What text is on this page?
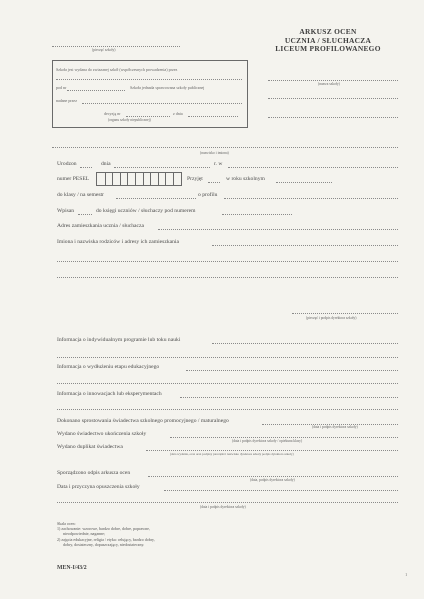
(pieczęć szkoły)
ARKUSZ OCEN
UCZNIA / SŁUCHACZA
LICEUM PROFILOWANEGO
(nazwa szkoły)
Szkoła jest wydana do zwiazanej szkół (współczesnych prowadzenia) przez
pod nr	Szkoła jednada sprawowana szkoły publicznej
nadane przez
decyzją nr	z dnia
(organu szkoły niepublicznej)
(nazwisko i imiona)
Urodzon	dnia	r. w
numer PESEL	Przyjęt	w roku szkolnym
do klasy / na semestr	o profilu
Wpisan	do księgi uczniów / słuchaczy pod numerem
Adres zamieszkania ucznia / słuchacza
Imiona i nazwiska rodziców i adresy ich zamieszkania
(pieczęć i podpis dyrektora szkoły)
Informacja o indywidualnym programie lub toku nauki
Informacja o wydłużeniu etapu edukacyjnego
Informacja o innowacjach lub eksperymentach
Dokonano sprostowania świadectwa szkolnego promocyjnego / maturalnego
(data i podpis dyrektora szkoły)
Wydano świadectwo ukończenia szkoły
(data i podpis dyrektora szkoły / opiekuna klasy)
Wydano duplikat świadectwa
(data wydania, oraz oraz podpisy pieczątki i nazwisko dyrektora szkoły podpis dyrektora szkoły)
Sporządzono odpis arkusza ocen
(data, podpis dyrektora szkoły)
Data i przyczyna opuszczenia szkoły
(data i podpis dyrektora szkoły)
Skala ocen:
1) zachowanie: wzorowe, bardzo dobre, dobre, poprawne,
nieodpowiednie, naganne;
2) zajęcia edukacyjne, religia / etyka: celujący, bardzo dobry,
dobry, dostateczny, dopuszczający, niedostateczny.
MEN-I/43/2
1
